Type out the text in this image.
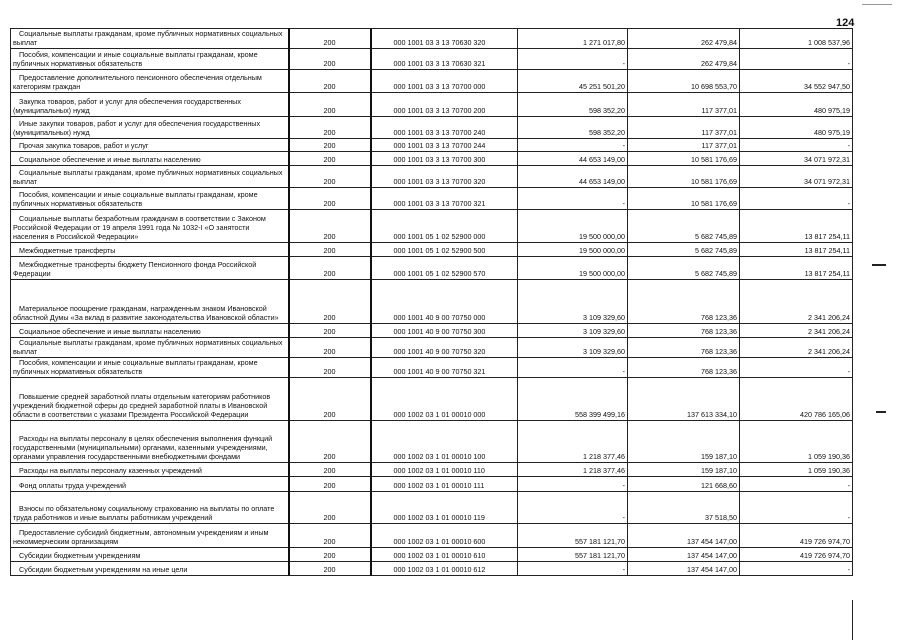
124
Социальные выплаты гражданам, кроме публичных нормативных социальных выплат	200	000 1001 03 3 13 70630 320	1 271 017,80	262 479,84	1 008 537,96
Пособия, компенсации и иные социальные выплаты гражданам, кроме публичных нормативных обязательств	200	000 1001 03 3 13 70630 321	-	262 479,84	-
Предоставление дополнительного пенсионного обеспечения отдельным категориям граждан	200	000 1001 03 3 13 70700 000	45 251 501,20	10 698 553,70	34 552 947,50
Закупка товаров, работ и услуг для обеспечения государственных (муниципальных) нужд	200	000 1001 03 3 13 70700 200	598 352,20	117 377,01	480 975,19
Иные закупки товаров, работ и услуг для обеспечения государственных (муниципальных) нужд	200	000 1001 03 3 13 70700 240	598 352,20	117 377,01	480 975,19
Прочая закупка товаров, работ и услуг	200	000 1001 03 3 13 70700 244	-	117 377,01	-
Социальное обеспечение и иные выплаты населению	200	000 1001 03 3 13 70700 300	44 653 149,00	10 581 176,69	34 071 972,31
Социальные выплаты гражданам, кроме публичных нормативных социальных выплат	200	000 1001 03 3 13 70700 320	44 653 149,00	10 581 176,69	34 071 972,31
Пособия, компенсации и иные социальные выплаты гражданам, кроме публичных нормативных обязательств	200	000 1001 03 3 13 70700 321	-	10 581 176,69	-
Социальные выплаты безработным гражданам в соответствии с Законом Российской Федерации от 19 апреля 1991 года № 1032-I «О занятости населения в Российской Федерации»	200	000 1001 05 1 02 52900 000	19 500 000,00	5 682 745,89	13 817 254,11
Межбюджетные трансферты	200	000 1001 05 1 02 52900 500	19 500 000,00	5 682 745,89	13 817 254,11
Межбюджетные трансферты бюджету Пенсионного фонда Российской Федерации	200	000 1001 05 1 02 52900 570	19 500 000,00	5 682 745,89	13 817 254,11
Материальное поощрение гражданам, награжденным знаком Ивановской областной Думы «За вклад в развитие законодательства Ивановской области»	200	000 1001 40 9 00 70750 000	3 109 329,60	768 123,36	2 341 206,24
Социальное обеспечение и иные выплаты населению	200	000 1001 40 9 00 70750 300	3 109 329,60	768 123,36	2 341 206,24
Социальные выплаты гражданам, кроме публичных нормативных социальных выплат	200	000 1001 40 9 00 70750 320	3 109 329,60	768 123,36	2 341 206,24
Пособия, компенсации и иные социальные выплаты гражданам, кроме публичных нормативных обязательств	200	000 1001 40 9 00 70750 321	-	768 123,36	-
Повышение средней заработной платы отдельным категориям работников учреждений бюджетной сферы до средней заработной платы в Ивановской области в соответствии с указами Президента Российской Федерации	200	000 1002 03 1 01 00010 000	558 399 499,16	137 613 334,10	420 786 165,06
Расходы на выплаты персоналу в целях обеспечения выполнения функций государственными (муниципальными) органами, казенными учреждениями, органами управления государственными внебюджетными фондами	200	000 1002 03 1 01 00010 100	1 218 377,46	159 187,10	1 059 190,36
Расходы на выплаты персоналу казенных учреждений	200	000 1002 03 1 01 00010 110	1 218 377,46	159 187,10	1 059 190,36
Фонд оплаты труда учреждений	200	000 1002 03 1 01 00010 111	-	121 668,60	-
Взносы по обязательному социальному страхованию на выплаты по оплате труда работников и иные выплаты работникам учреждений	200	000 1002 03 1 01 00010 119	-	37 518,50	-
Предоставление субсидий бюджетным, автономным учреждениям и иным некоммерческим организациям	200	000 1002 03 1 01 00010 600	557 181 121,70	137 454 147,00	419 726 974,70
Субсидии бюджетным учреждениям	200	000 1002 03 1 01 00010 610	557 181 121,70	137 454 147,00	419 726 974,70
Субсидии бюджетным учреждениям на иные цели	200	000 1002 03 1 01 00010 612	-	137 454 147,00	-
